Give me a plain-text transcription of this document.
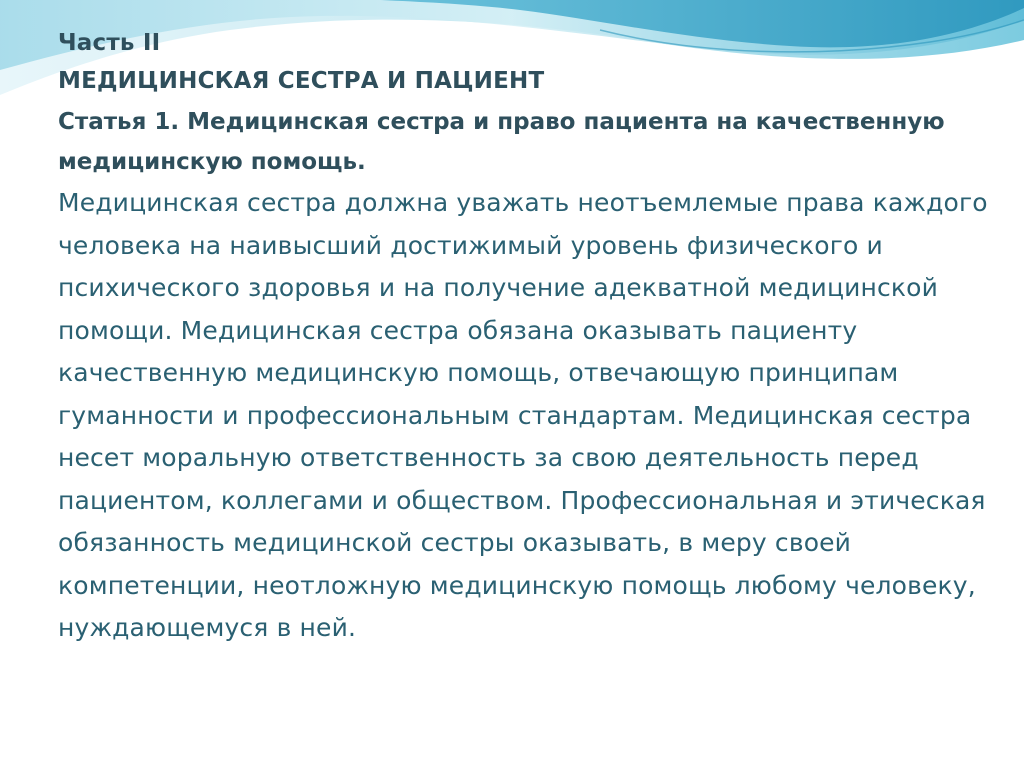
Часть II
МЕДИЦИНСКАЯ СЕСТРА И ПАЦИЕНТ
Статья 1. Медицинская сестра и право пациента на качественную медицинскую помощь.
Медицинская сестра должна уважать неотъемлемые права каждого человека на наивысший достижимый уровень физического и психического здоровья и на получение адекватной медицинской помощи. Медицинская сестра обязана оказывать пациенту качественную медицинскую помощь, отвечающую принципам гуманности и профессиональным стандартам. Медицинская сестра несет моральную ответственность за свою деятельность перед пациентом, коллегами и обществом. Профессиональная и этическая обязанность медицинской сестры оказывать, в меру своей компетенции, неотложную медицинскую помощь любому человеку, нуждающемуся в ней.
